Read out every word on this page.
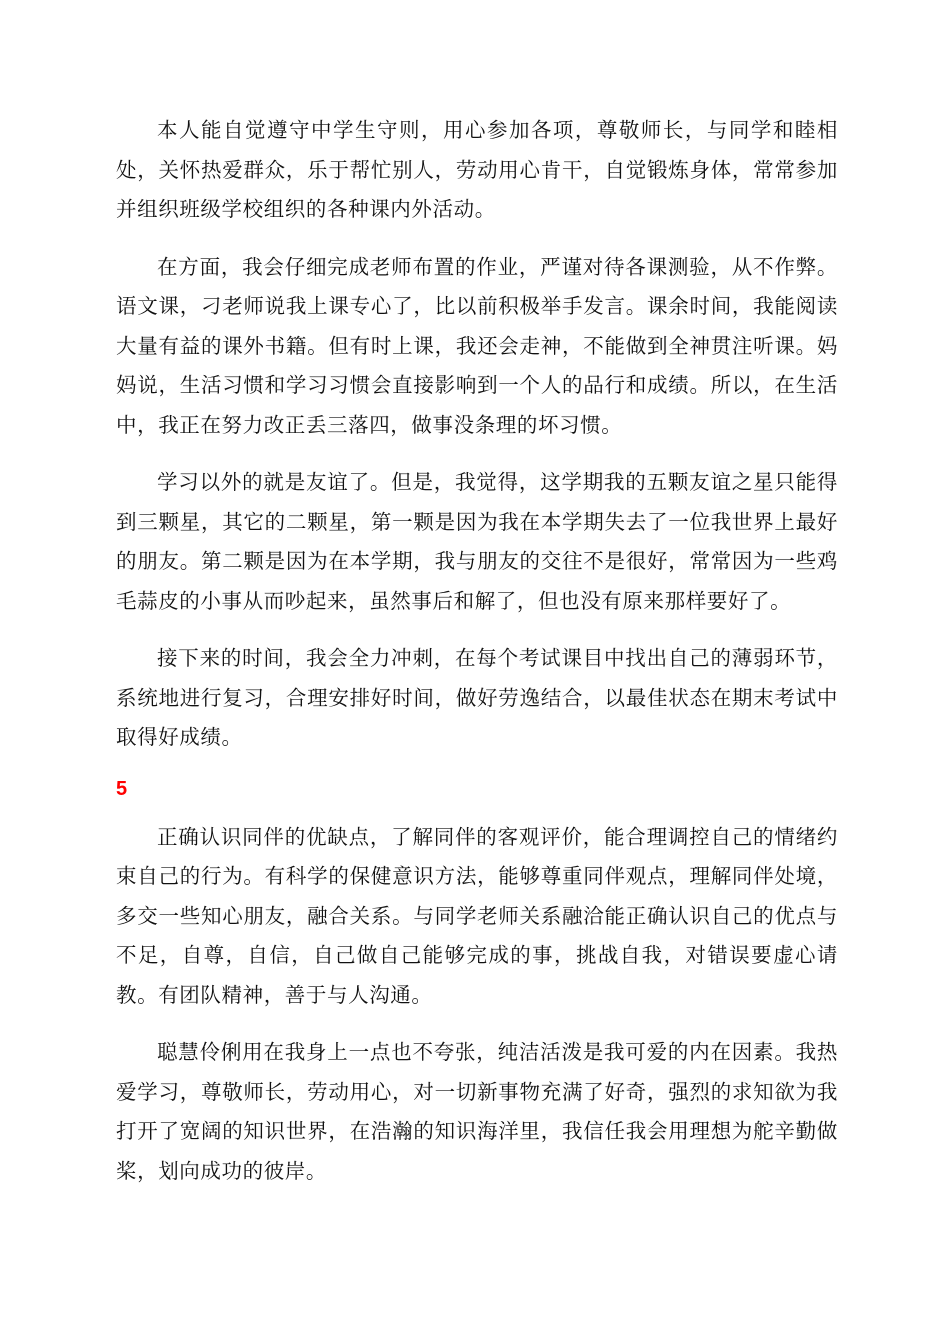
本人能自觉遵守中学生守则，用心参加各项，尊敬师长，与同学和睦相处，关怀热爱群众，乐于帮忙别人，劳动用心肯干，自觉锻炼身体，常常参加并组织班级学校组织的各种课内外活动。

在方面，我会仔细完成老师布置的作业，严谨对待各课测验，从不作弊。语文课，刁老师说我上课专心了，比以前积极举手发言。课余时间，我能阅读大量有益的课外书籍。但有时上课，我还会走神，不能做到全神贯注听课。妈妈说，生活习惯和学习习惯会直接影响到一个人的品行和成绩。所以，在生活中，我正在努力改正丢三落四，做事没条理的坏习惯。

学习以外的就是友谊了。但是，我觉得，这学期我的五颗友谊之星只能得到三颗星，其它的二颗星，第一颗是因为我在本学期失去了一位我世界上最好的朋友。第二颗是因为在本学期，我与朋友的交往不是很好，常常因为一些鸡毛蒜皮的小事从而吵起来，虽然事后和解了，但也没有原来那样要好了。

接下来的时间，我会全力冲刺，在每个考试课目中找出自己的薄弱环节，系统地进行复习，合理安排好时间，做好劳逸结合，以最佳状态在期末考试中取得好成绩。

5

正确认识同伴的优缺点，了解同伴的客观评价，能合理调控自己的情绪约束自己的行为。有科学的保健意识方法，能够尊重同伴观点，理解同伴处境，多交一些知心朋友，融合关系。与同学老师关系融洽能正确认识自己的优点与不足，自尊，自信，自己做自己能够完成的事，挑战自我，对错误要虚心请教。有团队精神，善于与人沟通。

聪慧伶俐用在我身上一点也不夸张，纯洁活泼是我可爱的内在因素。我热爱学习，尊敬师长，劳动用心，对一切新事物充满了好奇，强烈的求知欲为我打开了宽阔的知识世界，在浩瀚的知识海洋里，我信任我会用理想为舵辛勤做桨，划向成功的彼岸。
